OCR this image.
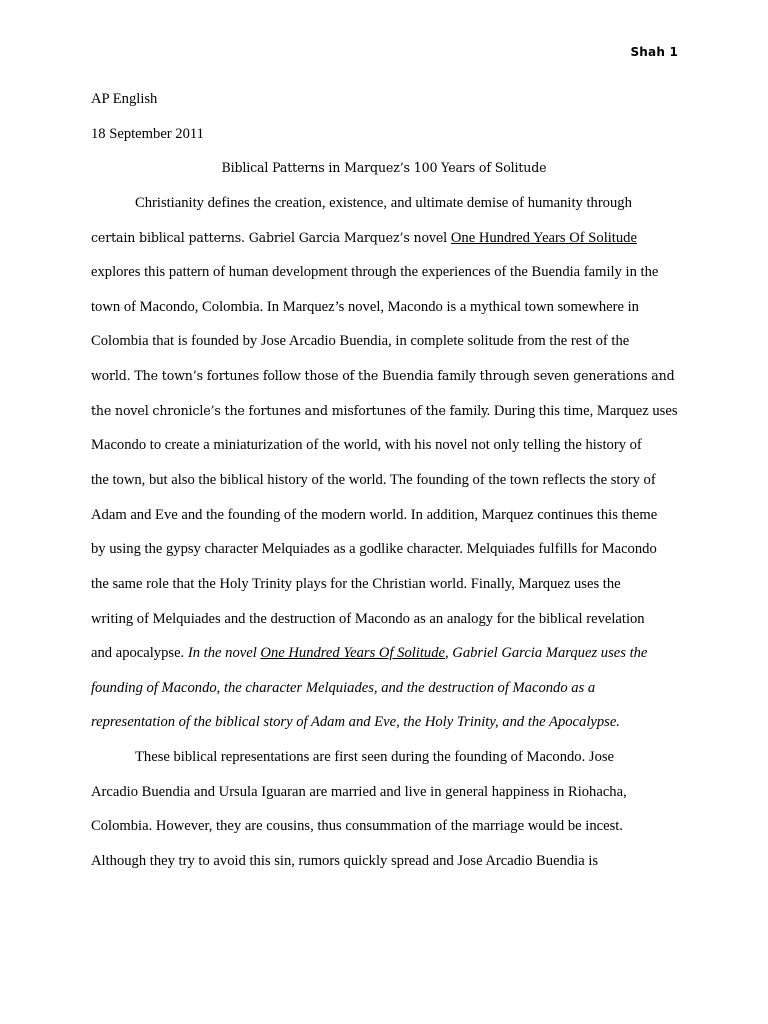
Shah 1
AP English
18 September 2011
Biblical Patterns in Marquez’s 100 Years of Solitude
Christianity defines the creation, existence, and ultimate demise of humanity through
certain biblical patterns. Gabriel Garcia Marquez’s novel One Hundred Years Of Solitude
explores this pattern of human development through the experiences of the Buendia family in the
town of Macondo, Colombia. In Marquez’s novel, Macondo is a mythical town somewhere in
Colombia that is founded by Jose Arcadio Buendia, in complete solitude from the rest of the
world. The town’s fortunes follow those of the Buendia family through seven generations and
the novel chronicle’s the fortunes and misfortunes of the family. During this time, Marquez uses
Macondo to create a miniaturization of the world, with his novel not only telling the history of
the town, but also the biblical history of the world. The founding of the town reflects the story of
Adam and Eve and the founding of the modern world. In addition, Marquez continues this theme
by using the gypsy character Melquiades as a godlike character. Melquiades fulfills for Macondo
the same role that the Holy Trinity plays for the Christian world. Finally, Marquez uses the
writing of Melquiades and the destruction of Macondo as an analogy for the biblical revelation
and apocalypse. In the novel One Hundred Years Of Solitude, Gabriel Garcia Marquez uses the
founding of Macondo, the character Melquiades, and the destruction of Macondo as a
representation of the biblical story of Adam and Eve, the Holy Trinity, and the Apocalypse.
These biblical representations are first seen during the founding of Macondo. Jose
Arcadio Buendia and Ursula Iguaran are married and live in general happiness in Riohacha,
Colombia. However, they are cousins, thus consummation of the marriage would be incest.
Although they try to avoid this sin, rumors quickly spread and Jose Arcadio Buendia is
